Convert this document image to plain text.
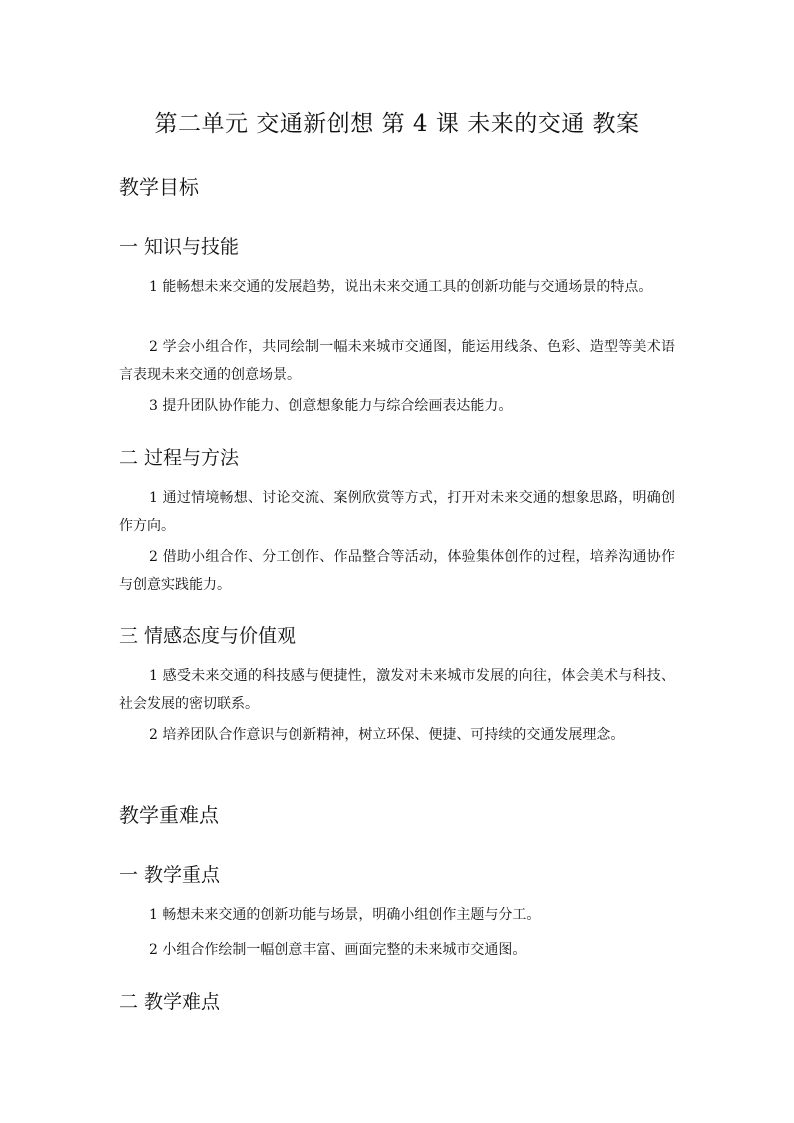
第二单元 交通新创想 第 4 课 未来的交通 教案
教学目标
一 知识与技能
1 能畅想未来交通的发展趋势，说出未来交通工具的创新功能与交通场景的特点。
2 学会小组合作，共同绘制一幅未来城市交通图，能运用线条、色彩、造型等美术语言表现未来交通的创意场景。
3 提升团队协作能力、创意想象能力与综合绘画表达能力。
二 过程与方法
1 通过情境畅想、讨论交流、案例欣赏等方式，打开对未来交通的想象思路，明确创作方向。
2 借助小组合作、分工创作、作品整合等活动，体验集体创作的过程，培养沟通协作与创意实践能力。
三 情感态度与价值观
1 感受未来交通的科技感与便捷性，激发对未来城市发展的向往，体会美术与科技、社会发展的密切联系。
2 培养团队合作意识与创新精神，树立环保、便捷、可持续的交通发展理念。
教学重难点
一 教学重点
1 畅想未来交通的创新功能与场景，明确小组创作主题与分工。
2 小组合作绘制一幅创意丰富、画面完整的未来城市交通图。
二 教学难点
